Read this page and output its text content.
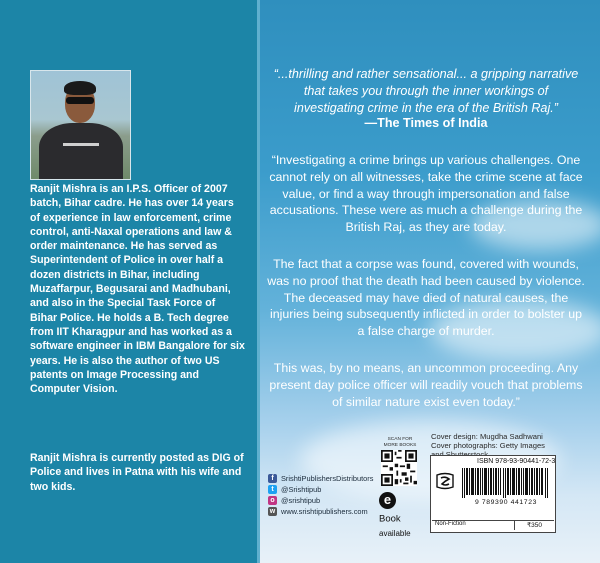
Ranjit Mishra is an I.P.S. Officer of 2007 batch, Bihar cadre. He has over 14 years of experience in law enforcement, crime control, anti-Naxal operations and law & order maintenance. He has served as Superintendent of Police in over half a dozen districts in Bihar, including Muzaffarpur, Begusarai and Madhubani, and also in the Special Task Force of Bihar Police. He holds a B. Tech degree from IIT Kharagpur and has worked as a software engineer in IBM Bangalore for six years. He is also the author of two US patents on Image Processing and Computer Vision.

Ranjit Mishra is currently posted as DIG of Police and lives in Patna with his wife and two kids.

f SrishtiPublishersDistributors
t @Srishtipub
o @srishtipub
w www.srishtipublishers.com
“...thrilling and rather sensational... a gripping narrative that takes you through the inner workings of investigating crime in the era of the British Raj.”
—The Times of India

“Investigating a crime brings up various challenges. One cannot rely on all witnesses, take the crime scene at face value, or find a way through impersonation and false accusations. These were as much a challenge during the British Raj, as they are today.

The fact that a corpse was found, covered with wounds, was no proof that the death had been caused by violence. The deceased may have died of natural causes, the injuries being subsequently inflicted in order to bolster up a false charge of murder.

This was, by no means, an uncommon proceeding. Any present day police officer will readily vouch that problems of similar nature exist even today.”

Cover design: Mugdha Sadhwani
Cover photographs: Getty Images
SCAN FOR MORE BOOKS
e Book
available
ISBN 978-93-90441-72-3
9 789390 441723
Non-Fiction	₹350
